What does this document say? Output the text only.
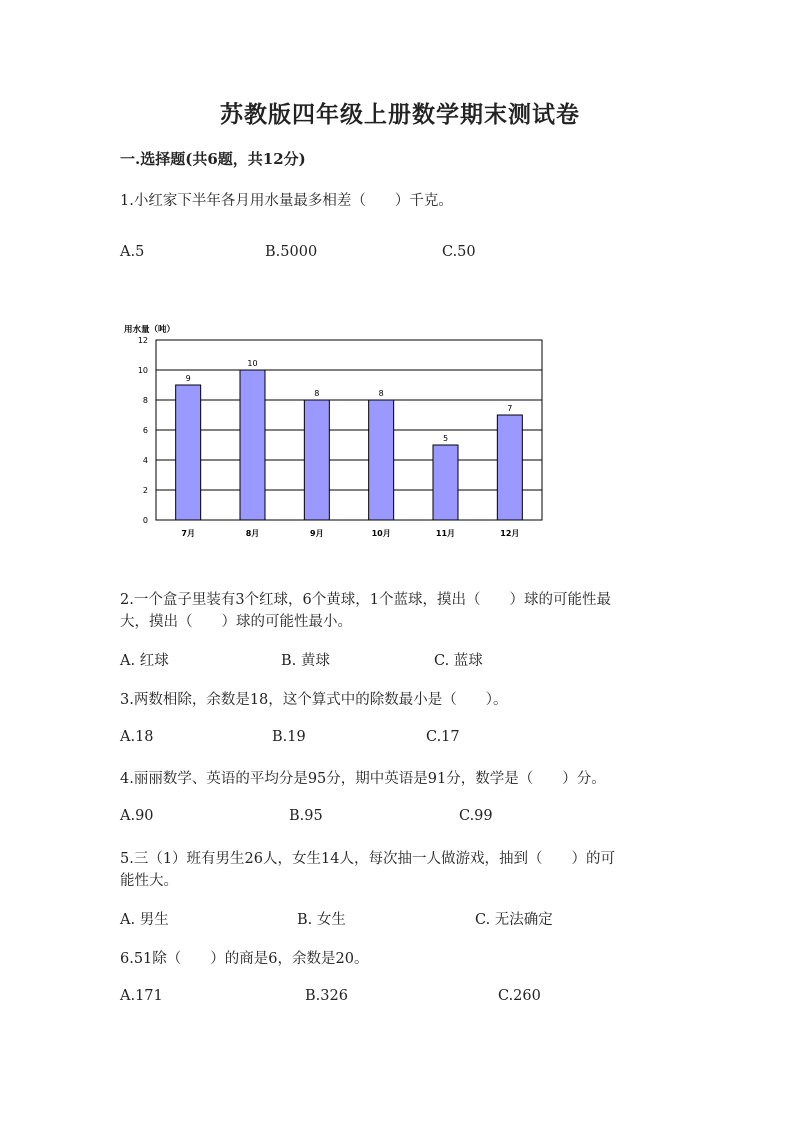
苏教版四年级上册数学期末测试卷
一.选择题(共6题，共12分)
1.小红家下半年各月用水量最多相差（　　）千克。
A.5	B.5000	C.50
用水量（吨）
0
2
4
6
8
10
12
9
7月
10
8月
8
9月
8
10月
5
11月
7
12月
2.一个盒子里装有3个红球，6个黄球，1个蓝球，摸出（　　）球的可能性最
大，摸出（　　）球的可能性最小。
A. 红球	B. 黄球	C. 蓝球
3.两数相除，余数是18，这个算式中的除数最小是（　　）。
A.18	B.19	C.17
4.丽丽数学、英语的平均分是95分，期中英语是91分，数学是（　　）分。
A.90	B.95	C.99
5.三（1）班有男生26人，女生14人，每次抽一人做游戏，抽到（　　）的可
能性大。
A. 男生	B. 女生	C. 无法确定
6.51除（　　）的商是6，余数是20。
A.171	B.326	C.260
